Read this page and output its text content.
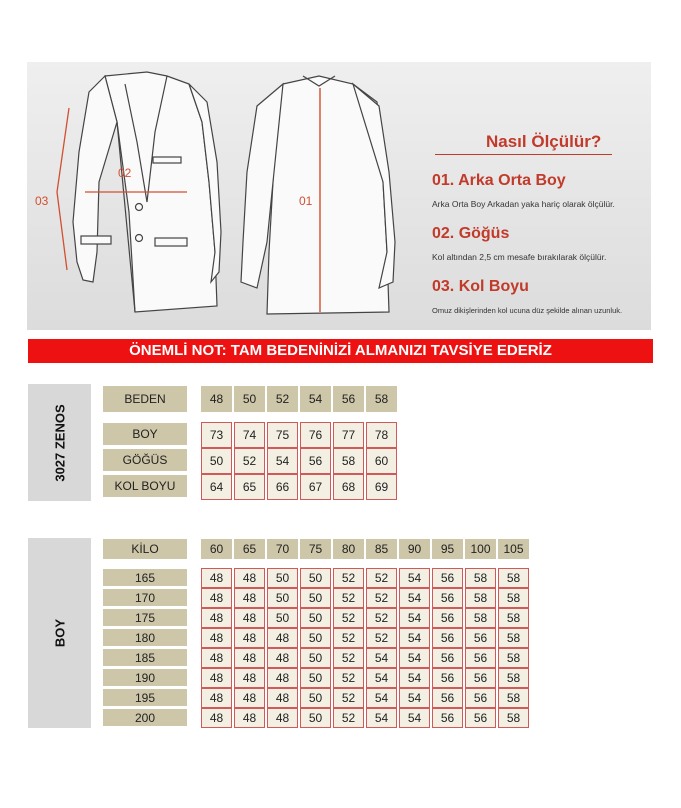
02
03	01
Nasıl Ölçülür?
01. Arka Orta Boy
Arka Orta Boy Arkadan yaka hariç olarak ölçülür.
02. Göğüs
Kol altından 2,5 cm mesafe bırakılarak ölçülür.
03. Kol Boyu
Omuz dikişlerinden kol ucuna düz şekilde alınan uzunluk.
ÖNEMLİ NOT: TAM BEDENİNİZİ ALMANIZI TAVSİYE EDERİZ
3027 ZENOS
BEDEN	48	50	52	54	56	58
BOY	73	74	75	76	77	78
GÖĞÜS	50	52	54	56	58	60
KOL BOYU	64	65	66	67	68	69
BOY
KİLO	60	65	70	75	80	85	90	95	100	105
165	48	48	50	50	52	52	54	56	58	58
170	48	48	50	50	52	52	54	56	58	58
175	48	48	50	50	52	52	54	56	58	58
180	48	48	48	50	52	52	54	56	56	58
185	48	48	48	50	52	54	54	56	56	58
190	48	48	48	50	52	54	54	56	56	58
195	48	48	48	50	52	54	54	56	56	58
200	48	48	48	50	52	54	54	56	56	58
